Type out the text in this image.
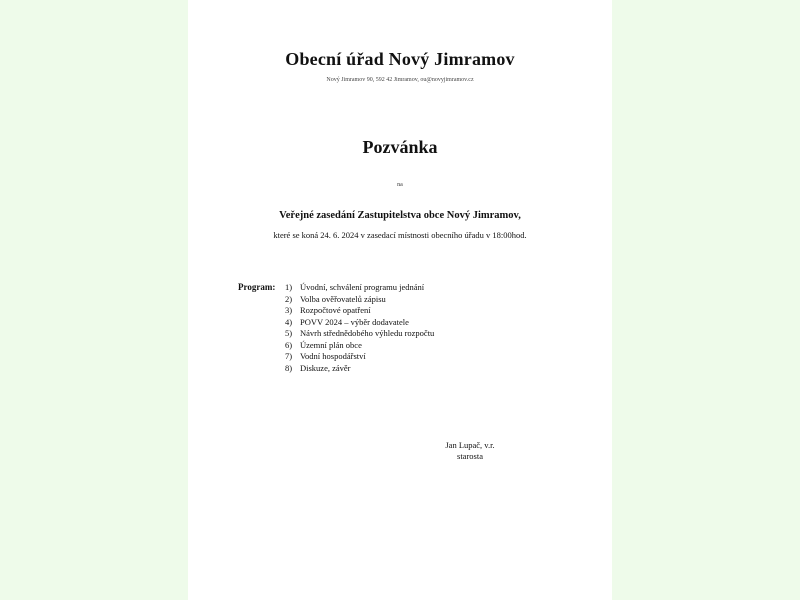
Obecní úřad Nový Jimramov
Nový Jimramov 90, 592 42 Jimramov, ou@novyjimramov.cz
Pozvánka
na
Veřejné zasedání Zastupitelstva obce Nový Jimramov,
které se koná 24. 6. 2024 v zasedací místnosti obecního úřadu v 18:00hod.
Program: 1) Úvodní, schválení programu jednání
2) Volba ověřovatelů zápisu
3) Rozpočtové opatření
4) POVV 2024 – výběr dodavatele
5) Návrh střednědobého výhledu rozpočtu
6) Územní plán obce
7) Vodní hospodářství
8) Diskuze, závěr
Jan Lupač, v.r.
starosta
